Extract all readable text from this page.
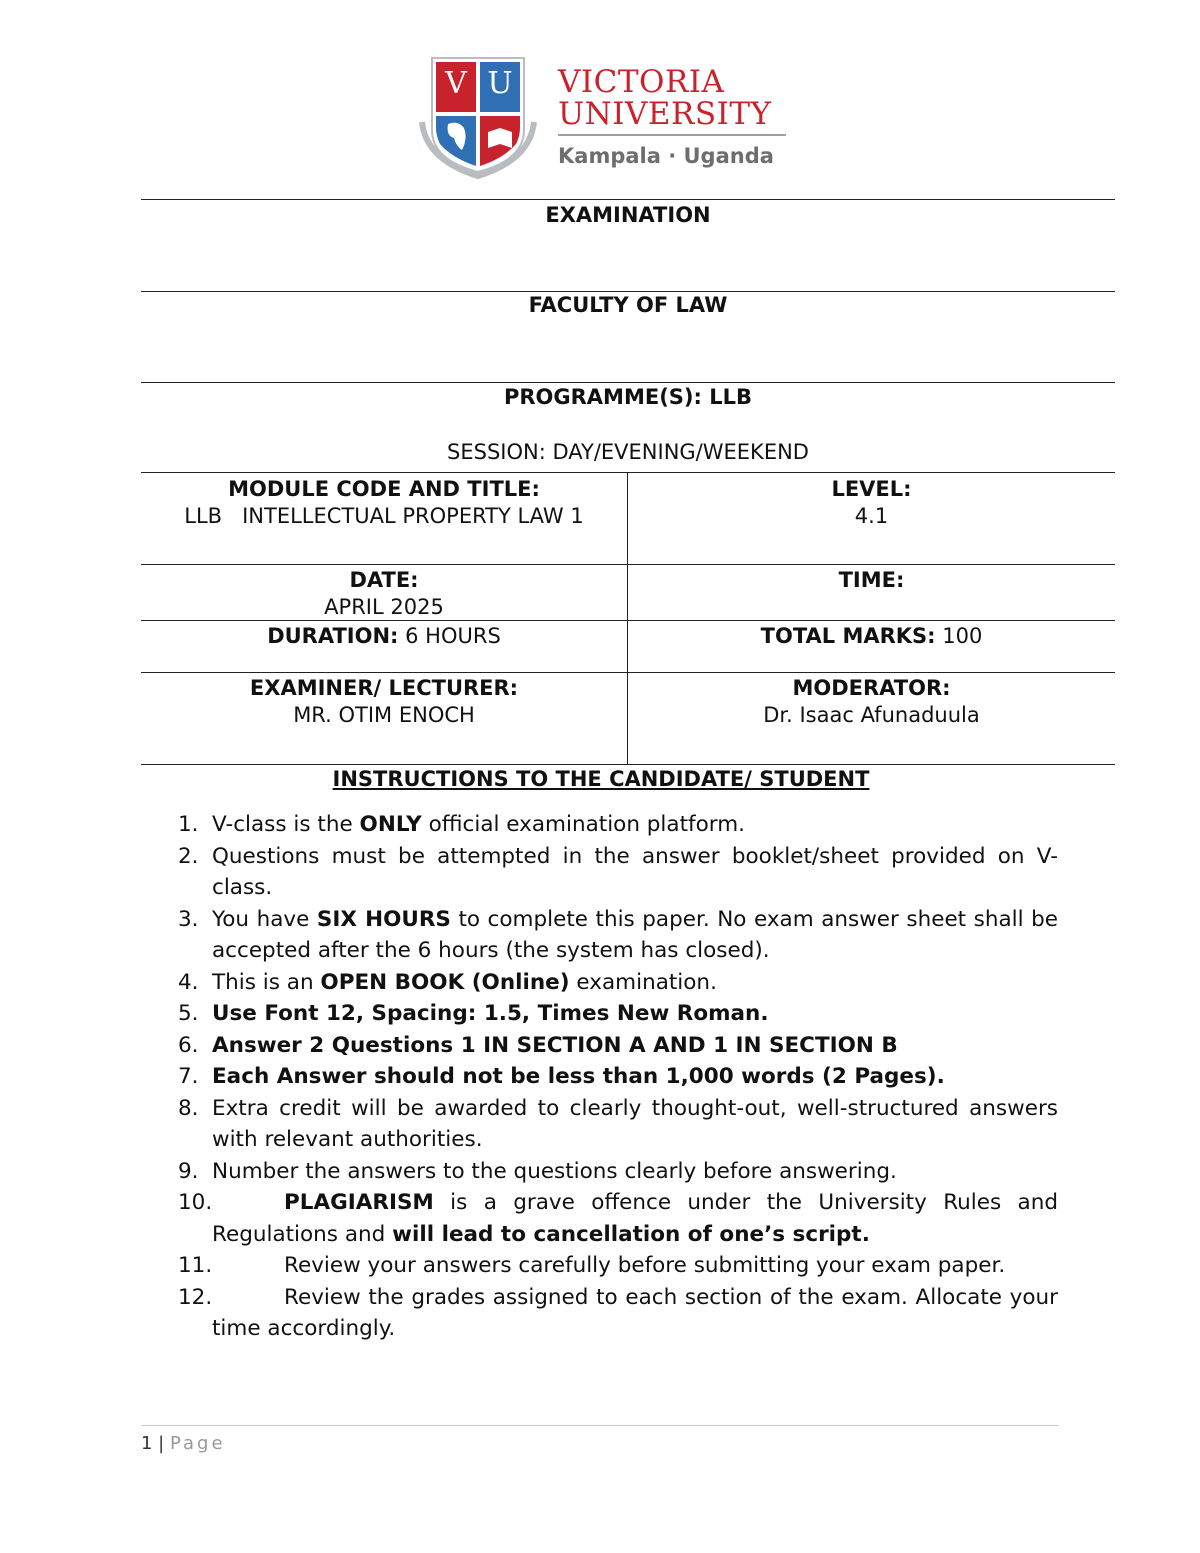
V U VICTORIA
UNIVERSITY
Kampala · Uganda
EXAMINATION
FACULTY OF LAW
PROGRAMME(S): LLB
SESSION: DAY/EVENING/WEEKEND
MODULE CODE AND TITLE:
LLB   INTELLECTUAL PROPERTY LAW 1
LEVEL:
4.1
DATE:
APRIL 2025
TIME:
DURATION: 6 HOURS	TOTAL MARKS: 100
EXAMINER/ LECTURER:
MR. OTIM ENOCH
MODERATOR:
Dr. Isaac Afunaduula
INSTRUCTIONS TO THE CANDIDATE/ STUDENT
1. V-class is the ONLY official examination platform.
2. Questions must be attempted in the answer booklet/sheet provided on V-class.
3. You have SIX HOURS to complete this paper. No exam answer sheet shall be accepted after the 6 hours (the system has closed).
4. This is an OPEN BOOK (Online) examination.
5. Use Font 12, Spacing: 1.5, Times New Roman.
6. Answer 2 Questions 1 IN SECTION A AND 1 IN SECTION B
7. Each Answer should not be less than 1,000 words (2 Pages).
8. Extra credit will be awarded to clearly thought-out, well-structured answers with relevant authorities.
9. Number the answers to the questions clearly before answering.
10.	PLAGIARISM is a grave offence under the University Rules and Regulations and will lead to cancellation of one’s script.
11.	Review your answers carefully before submitting your exam paper.
12.	Review the grades assigned to each section of the exam. Allocate your time accordingly.
1 | Page
